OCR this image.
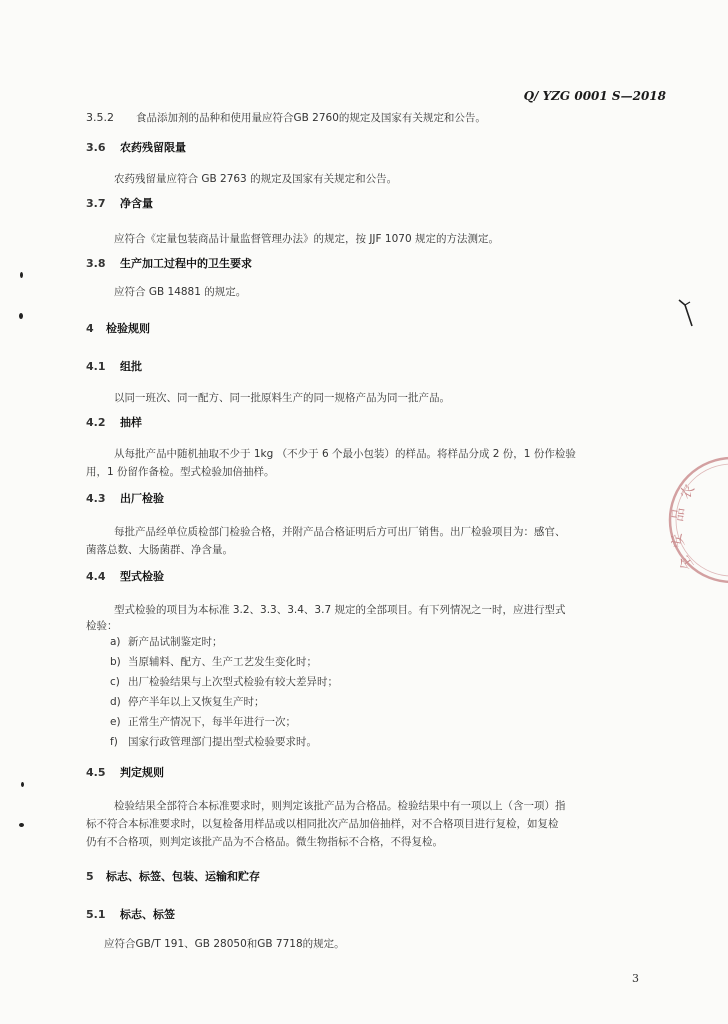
Q/ YZG 0001 S—2018
3.5.2 食品添加剂的品种和使用量应符合GB 2760的规定及国家有关规定和公告。
3.6 农药残留限量
农药残留量应符合 GB 2763 的规定及国家有关规定和公告。
3.7 净含量
应符合《定量包装商品计量监督管理办法》的规定，按 JJF 1070 规定的方法测定。
3.8 生产加工过程中的卫生要求
应符合 GB 14881 的规定。
4 检验规则
4.1 组批
以同一班次、同一配方、同一批原料生产的同一规格产品为同一批产品。
4.2 抽样
从每批产品中随机抽取不少于 1kg （不少于 6 个最小包装）的样品。将样品分成 2 份，1 份作检验
用，1 份留作备检。型式检验加倍抽样。
4.3 出厂检验
每批产品经单位质检部门检验合格，并附产品合格证明后方可出厂销售。出厂检验项目为：感官、
菌落总数、大肠菌群、净含量。
4.4 型式检验
型式检验的项目为本标准 3.2、3.3、3.4、3.7 规定的全部项目。有下列情况之一时，应进行型式
检验：
a) 新产品试制鉴定时；
b) 当原辅料、配方、生产工艺发生变化时；
c) 出厂检验结果与上次型式检验有较大差异时；
d) 停产半年以上又恢复生产时；
e) 正常生产情况下，每半年进行一次；
f) 国家行政管理部门提出型式检验要求时。
4.5 判定规则
检验结果全部符合本标准要求时，则判定该批产品为合格品。检验结果中有一项以上（含一项）指
标不符合本标准要求时，以复检备用样品或以相同批次产品加倍抽样，对不合格项目进行复检，如复检
仍有不合格项，则判定该批产品为不合格品。微生物指标不合格，不得复检。
5 标志、标签、包装、运输和贮存
5.1 标志、标签
应符合GB/T 191、GB 28050和GB 7718的规定。
3
农
品
安
全
